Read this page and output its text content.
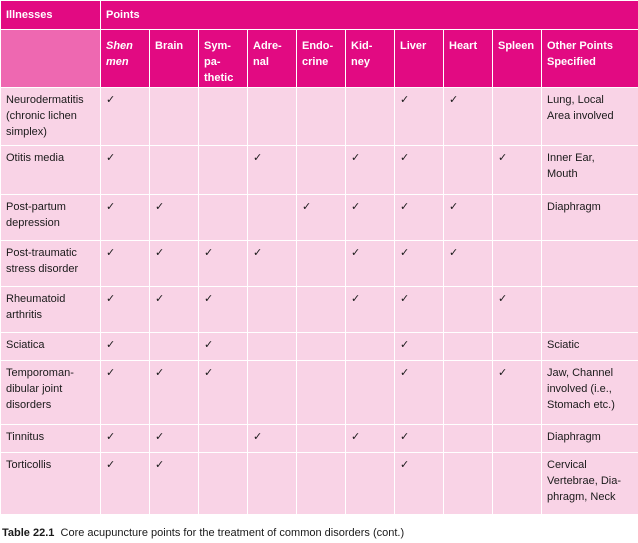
Illnesses	Points									
	Shen
men	Brain	Sym-
pa-
thetic	Adre-
nal	Endo-
crine	Kid-
ney	Liver	Heart	Spleen	Other Points
Specified
Neurodermatitis
(chronic lichen
simplex)	✓						✓	✓		Lung, Local
Area involved
Otitis media	✓			✓		✓	✓		✓	Inner Ear,
Mouth
Post-partum
depression	✓	✓			✓	✓	✓	✓		Diaphragm
Post-traumatic
stress disorder	✓	✓	✓	✓		✓	✓	✓		
Rheumatoid
arthritis	✓	✓	✓			✓	✓		✓	
Sciatica	✓		✓				✓			Sciatic
Temporoman-
dibular joint
disorders	✓	✓	✓				✓		✓	Jaw, Channel
involved (i.e.,
Stomach etc.)
Tinnitus	✓	✓		✓		✓	✓			Diaphragm
Torticollis	✓	✓					✓			Cervical
Vertebrae, Dia-
phragm, Neck
Table 22.1 Core acupuncture points for the treatment of common disorders (cont.)
